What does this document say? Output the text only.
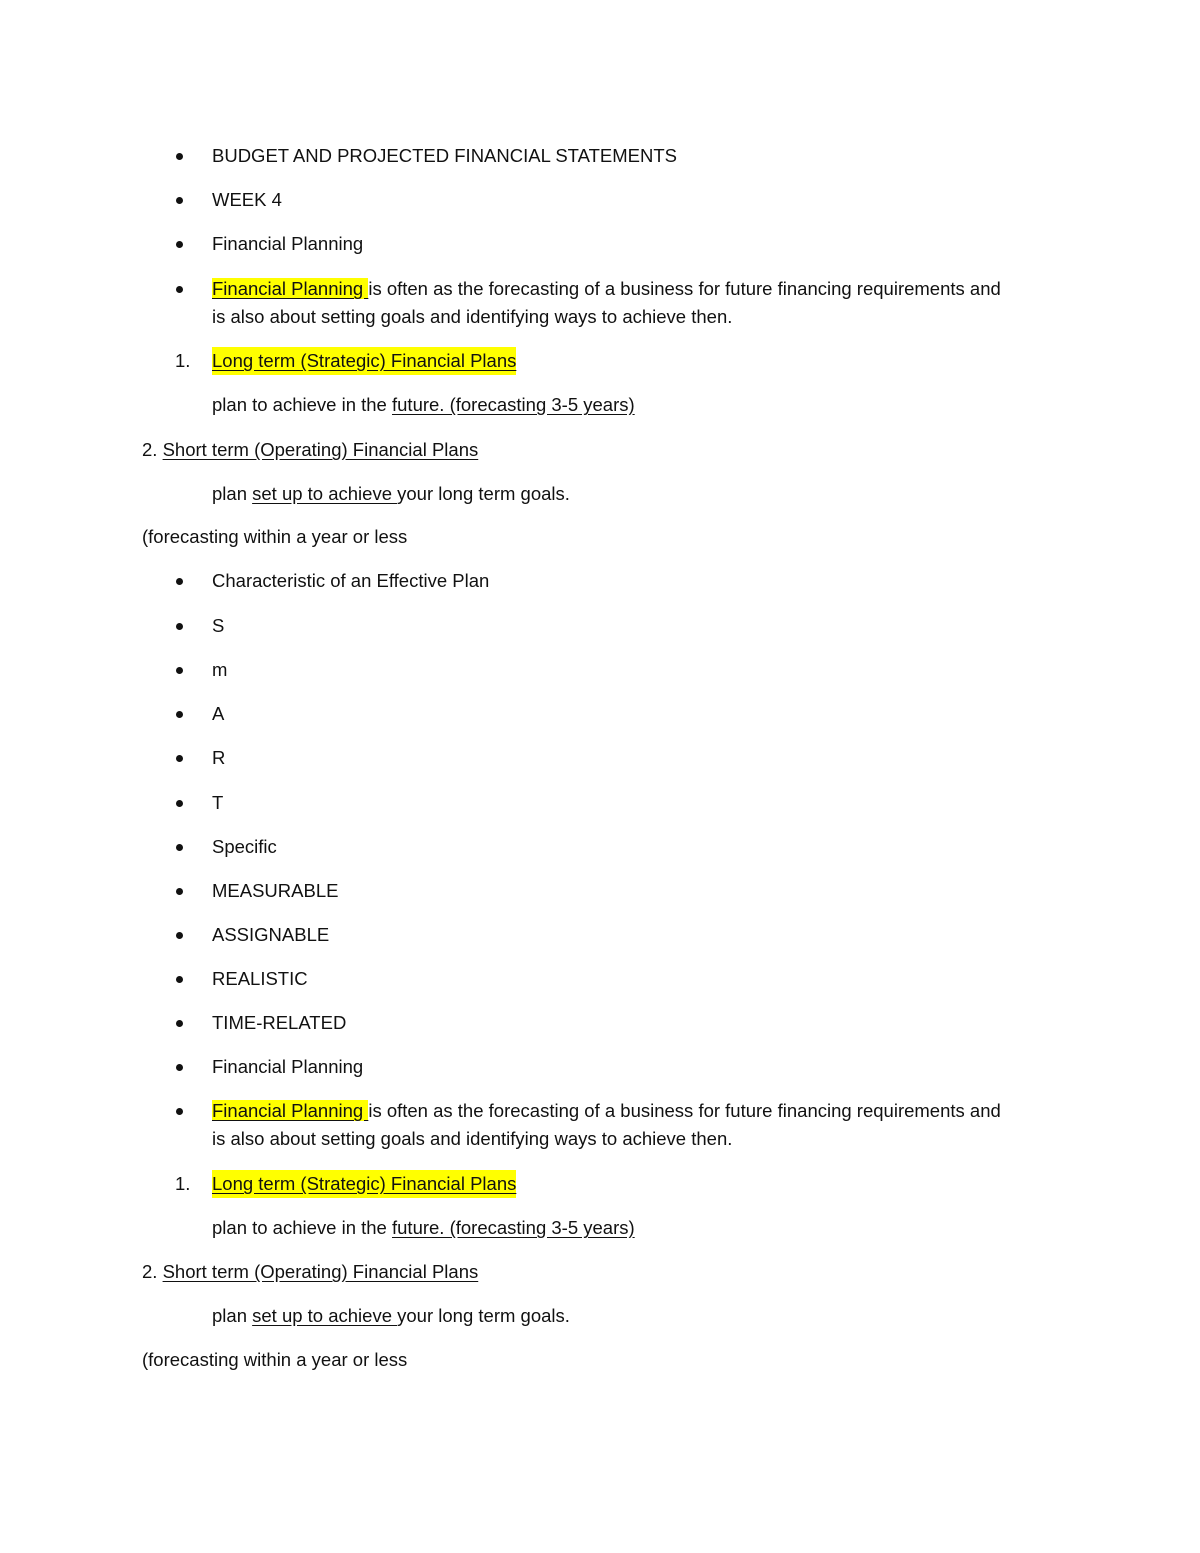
BUDGET AND PROJECTED FINANCIAL STATEMENTS
WEEK 4
Financial Planning
Financial Planning is often as the forecasting of a business for future financing requirements and
is also about setting goals and identifying ways to achieve then.
1. Long term (Strategic) Financial Plans
plan to achieve in the future. (forecasting 3-5 years)
2. Short term (Operating) Financial Plans
plan set up to achieve your long term goals.
(forecasting within a year or less
Characteristic of an Effective Plan
S
m
A
R
T
Specific
MEASURABLE
ASSIGNABLE
REALISTIC
TIME-RELATED
Financial Planning
Financial Planning is often as the forecasting of a business for future financing requirements and
is also about setting goals and identifying ways to achieve then.
1. Long term (Strategic) Financial Plans
plan to achieve in the future. (forecasting 3-5 years)
2. Short term (Operating) Financial Plans
plan set up to achieve your long term goals.
(forecasting within a year or less
